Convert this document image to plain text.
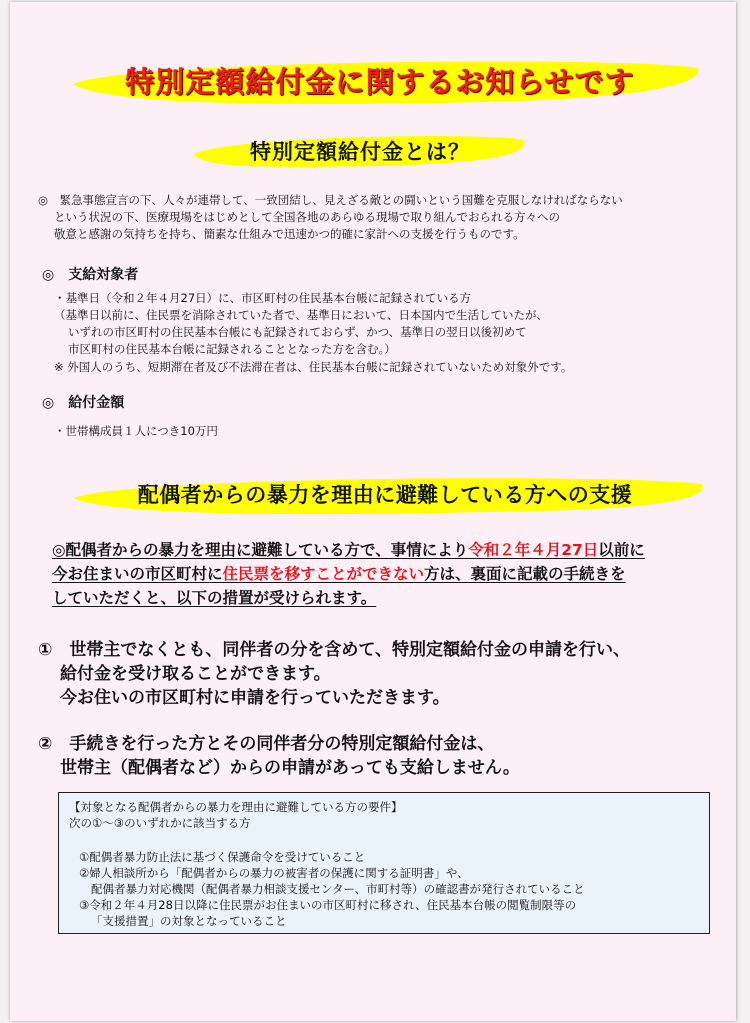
特別定額給付金に関するお知らせです
特別定額給付金とは？
◎　緊急事態宣言の下、人々が連帯して、一致団結し、見えざる敵との闘いという国難を克服しなければならない
という状況の下、医療現場をはじめとして全国各地のあらゆる現場で取り組んでおられる方々への
敬意と感謝の気持ちを持ち、簡素な仕組みで迅速かつ的確に家計への支援を行うものです。
◎　支給対象者
・基準日（令和２年４月27日）に、市区町村の住民基本台帳に記録されている方
（基準日以前に、住民票を消除されていた者で、基準日において、日本国内で生活していたが、
いずれの市区町村の住民基本台帳にも記録されておらず、かつ、基準日の翌日以後初めて
市区町村の住民基本台帳に記録されることとなった方を含む。）
※ 外国人のうち、短期滞在者及び不法滞在者は、住民基本台帳に記録されていないため対象外です。
◎　給付金額
・世帯構成員１人につき10万円
配偶者からの暴力を理由に避難している方への支援
◎配偶者からの暴力を理由に避難している方で、事情により令和２年４月27日以前に
今お住まいの市区町村に住民票を移すことができない方は、裏面に記載の手続きを
していただくと、以下の措置が受けられます。
①　世帯主でなくとも、同伴者の分を含めて、特別定額給付金の申請を行い、
給付金を受け取ることができます。
今お住いの市区町村に申請を行っていただきます。
②　手続きを行った方とその同伴者分の特別定額給付金は、
世帯主（配偶者など）からの申請があっても支給しません。
【対象となる配偶者からの暴力を理由に避難している方の要件】
次の①～③のいずれかに該当する方
①配偶者暴力防止法に基づく保護命令を受けていること
②婦人相談所から「配偶者からの暴力の被害者の保護に関する証明書」や、
配偶者暴力対応機関（配偶者暴力相談支援センター、市町村等）の確認書が発行されていること
③令和２年４月28日以降に住民票がお住まいの市区町村に移され、住民基本台帳の閲覧制限等の
「支援措置」の対象となっていること
